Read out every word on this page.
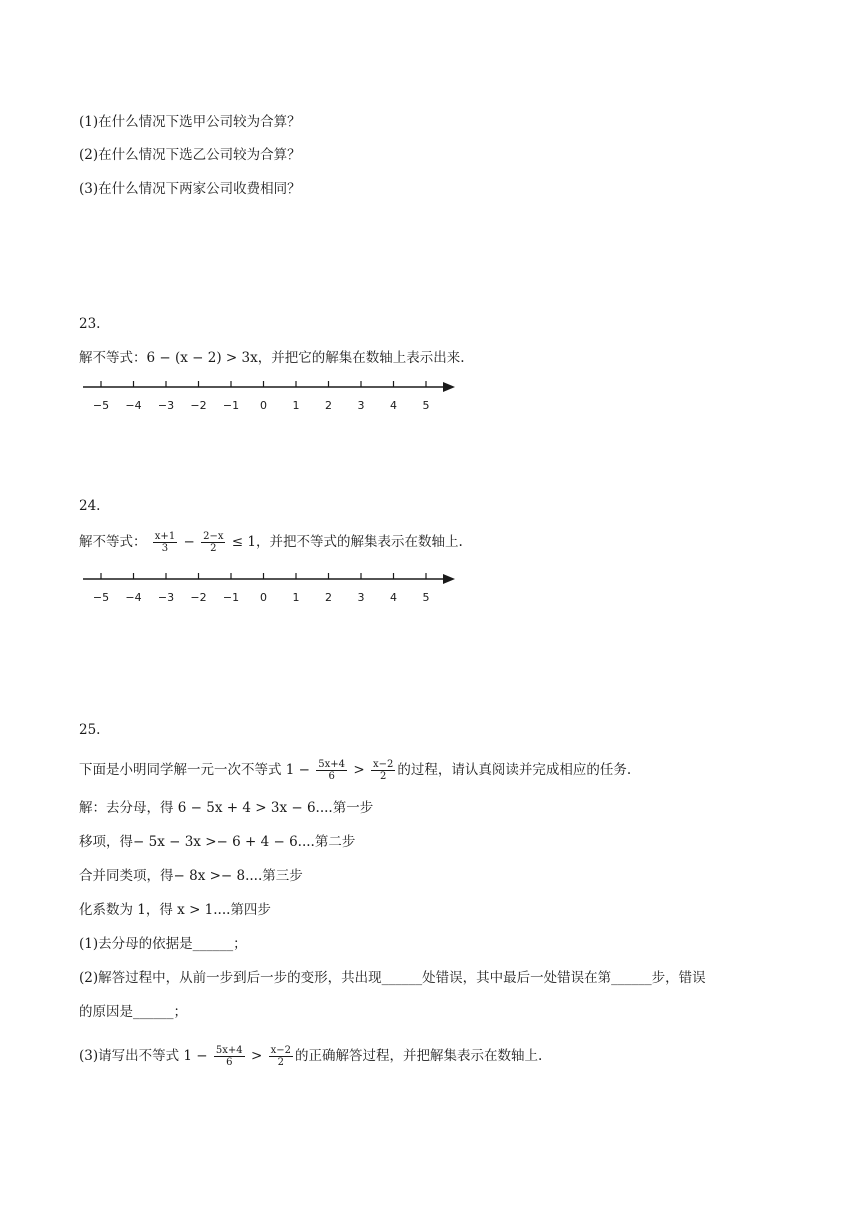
(1)在什么情况下选甲公司较为合算？
(2)在什么情况下选乙公司较为合算？
(3)在什么情况下两家公司收费相同？
23.
解不等式：6 − (x − 2) > 3x，并把它的解集在数轴上表示出来.
−5 −4 −3 −2 −1 0 1 2 3 4 5
24.
解不等式： $\frac{x+1}{3} - \frac{2-x}{2} \le 1$，并把不等式的解集表示在数轴上.
−5 −4 −3 −2 −1 0 1 2 3 4 5
25.
下面是小明同学解一元一次不等式 $1 - \frac{5x+4}{6} > \frac{x-2}{2}$ 的过程，请认真阅读并完成相应的任务.
解：去分母，得 6 − 5x + 4 > 3x − 6....第一步
移项，得− 5x − 3x >− 6 + 4 − 6....第二步
合并同类项，得− 8x >− 8....第三步
化系数为 1，得 x > 1....第四步
(1)去分母的依据是______；
(2)解答过程中，从前一步到后一步的变形，共出现______处错误，其中最后一处错误在第______步，错误
的原因是______；
(3)请写出不等式 $1 - \frac{5x+4}{6} > \frac{x-2}{2}$ 的正确解答过程，并把解集表示在数轴上.
